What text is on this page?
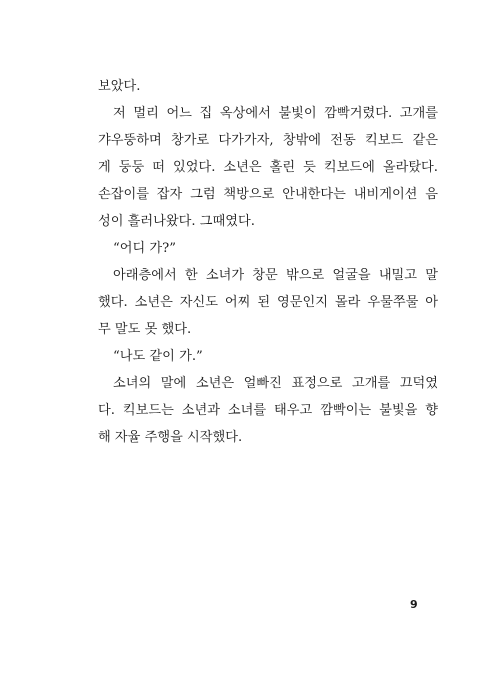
보았다.
저 멀리 어느 집 옥상에서 불빛이 깜빡거렸다. 고개를
갸우뚱하며 창가로 다가가자, 창밖에 전동 킥보드 같은
게 둥둥 떠 있었다. 소년은 홀린 듯 킥보드에 올라탔다.
손잡이를 잡자 그럼 책방으로 안내한다는 내비게이션 음
성이 흘러나왔다. 그때였다.
“어디 가?”
아래층에서 한 소녀가 창문 밖으로 얼굴을 내밀고 말
했다. 소년은 자신도 어찌 된 영문인지 몰라 우물쭈물 아
무 말도 못 했다.
“나도 같이 가.”
소녀의 말에 소년은 얼빠진 표정으로 고개를 끄덕였
다. 킥보드는 소년과 소녀를 태우고 깜빡이는 불빛을 향
해 자율 주행을 시작했다.
9
